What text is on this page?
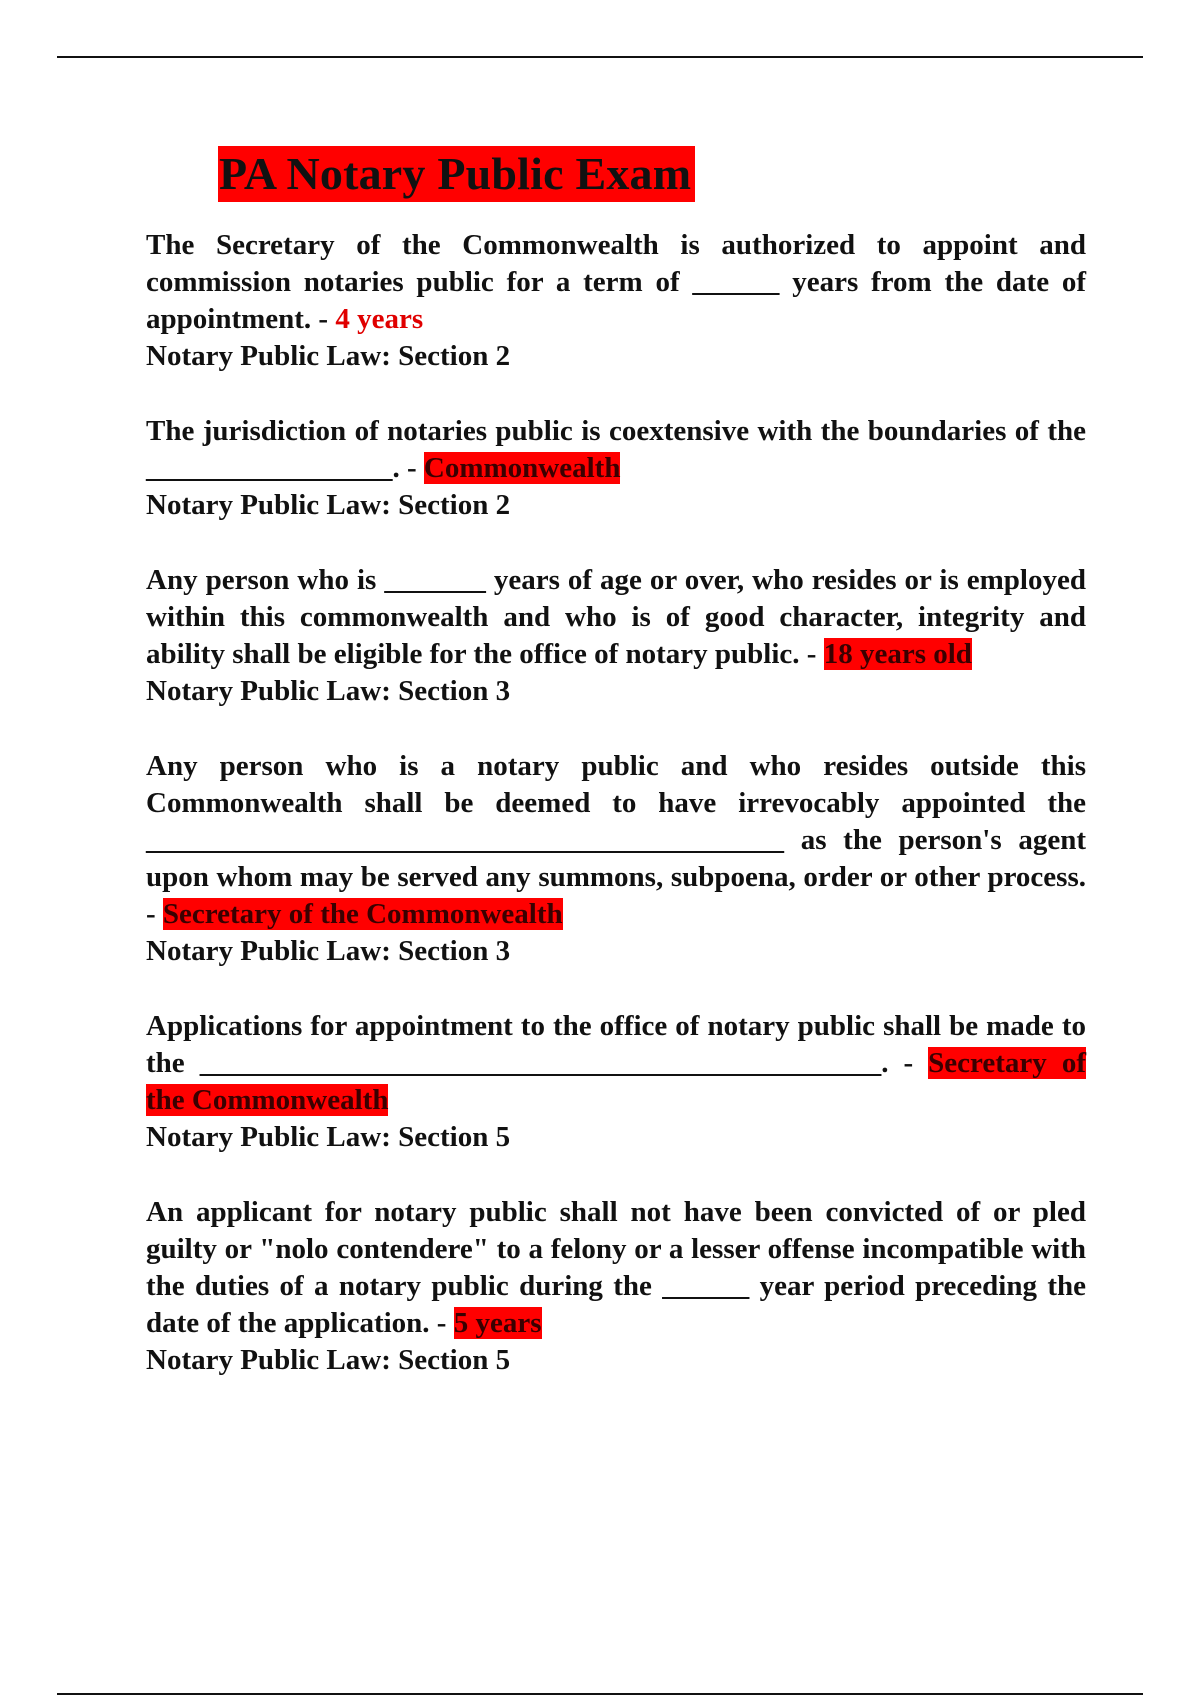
PA Notary Public Exam
The Secretary of the Commonwealth is authorized to appoint and commission notaries public for a term of ______ years from the date of appointment. - 4 years
Notary Public Law: Section 2
The jurisdiction of notaries public is coextensive with the boundaries of the _________________. - Commonwealth
Notary Public Law: Section 2
Any person who is _______ years of age or over, who resides or is employed within this commonwealth and who is of good character, integrity and ability shall be eligible for the office of notary public. - 18 years old
Notary Public Law: Section 3
Any person who is a notary public and who resides outside this Commonwealth shall be deemed to have irrevocably appointed the ____________________________________________ as the person's agent upon whom may be served any summons, subpoena, order or other process. - Secretary of the Commonwealth
Notary Public Law: Section 3
Applications for appointment to the office of notary public shall be made to the _______________________________________________. - Secretary of the Commonwealth
Notary Public Law: Section 5
An applicant for notary public shall not have been convicted of or pled guilty or "nolo contendere" to a felony or a lesser offense incompatible with the duties of a notary public during the ______ year period preceding the date of the application. - 5 years
Notary Public Law: Section 5
